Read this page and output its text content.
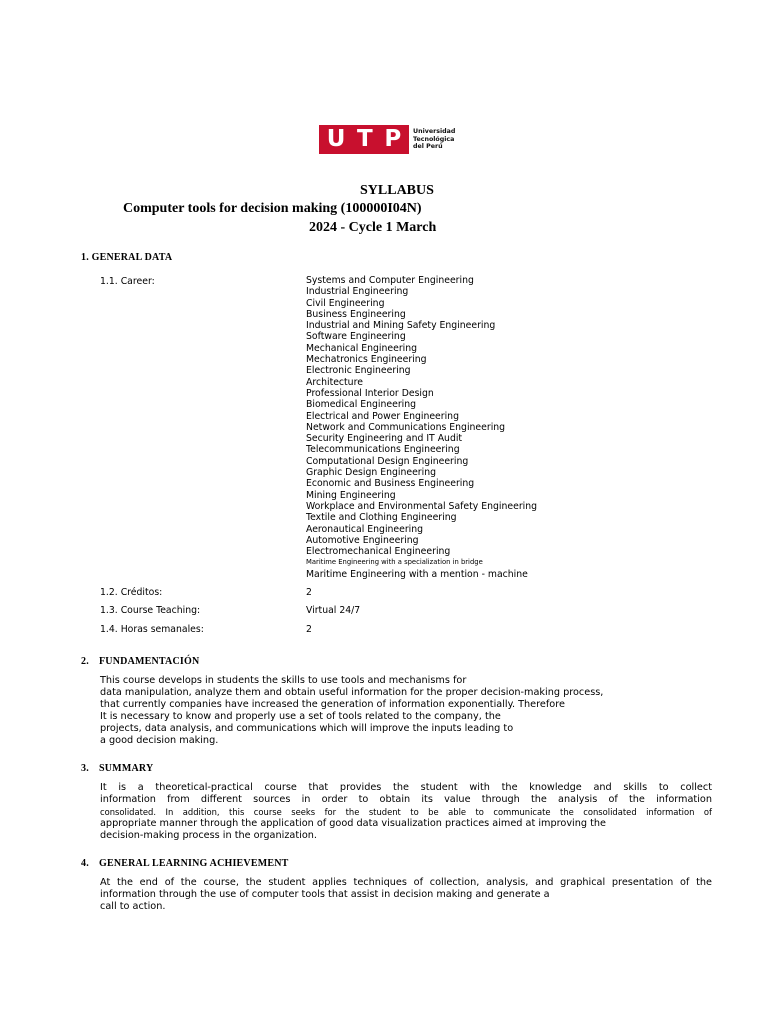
U T P Universidad
Tecnológica
del Perú
SYLLABUS
Computer tools for decision making (100000I04N)
2024 - Cycle 1 March
1. GENERAL DATA
1.1. Career:	Systems and Computer Engineering
Industrial Engineering
Civil Engineering
Business Engineering
Industrial and Mining Safety Engineering
Software Engineering
Mechanical Engineering
Mechatronics Engineering
Electronic Engineering
Architecture
Professional Interior Design
Biomedical Engineering
Electrical and Power Engineering
Network and Communications Engineering
Security Engineering and IT Audit
Telecommunications Engineering
Computational Design Engineering
Graphic Design Engineering
Economic and Business Engineering
Mining Engineering
Workplace and Environmental Safety Engineering
Textile and Clothing Engineering
Aeronautical Engineering
Automotive Engineering
Electromechanical Engineering
Maritime Engineering with a specialization in bridge
Maritime Engineering with a mention - machine
1.2. Créditos:	2
1.3. Course Teaching:	Virtual 24/7
1.4. Horas semanales:	2
2. FUNDAMENTACIÓN
This course develops in students the skills to use tools and mechanisms for
data manipulation, analyze them and obtain useful information for the proper decision-making process,
that currently companies have increased the generation of information exponentially. Therefore
It is necessary to know and properly use a set of tools related to the company, the
projects, data analysis, and communications which will improve the inputs leading to
a good decision making.
3. SUMMARY
It is a theoretical-practical course that provides the student with the knowledge and skills to collect
information from different sources in order to obtain its value through the analysis of the information
consolidated. In addition, this course seeks for the student to be able to communicate the consolidated information of
appropriate manner through the application of good data visualization practices aimed at improving the
decision-making process in the organization.
4. GENERAL LEARNING ACHIEVEMENT
At the end of the course, the student applies techniques of collection, analysis, and graphical presentation of the
information through the use of computer tools that assist in decision making and generate a
call to action.
